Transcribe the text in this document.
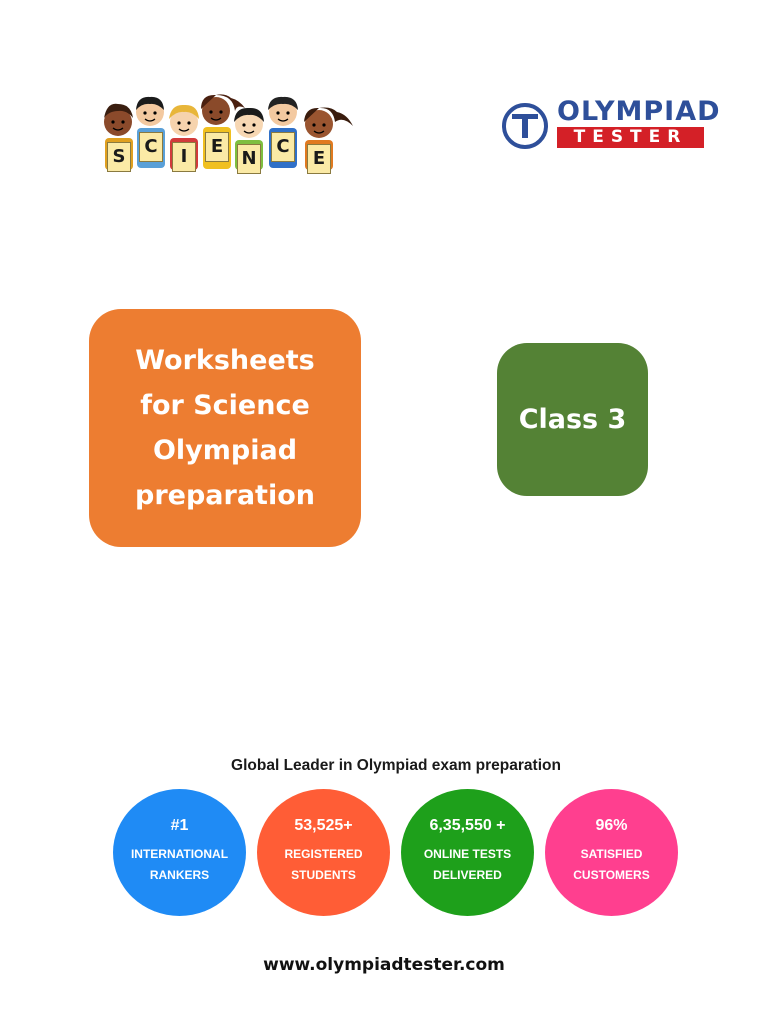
S	C	I	E
N
C
E
OLYMPIAD
TESTER
Worksheets
for Science
Olympiad
preparation
Class 3
Global Leader in Olympiad exam preparation
#1
INTERNATIONAL
RANKERS
53,525+
REGISTERED
STUDENTS
6,35,550 +
ONLINE TESTS
DELIVERED
96%
SATISFIED
CUSTOMERS
www.olympiadtester.com
